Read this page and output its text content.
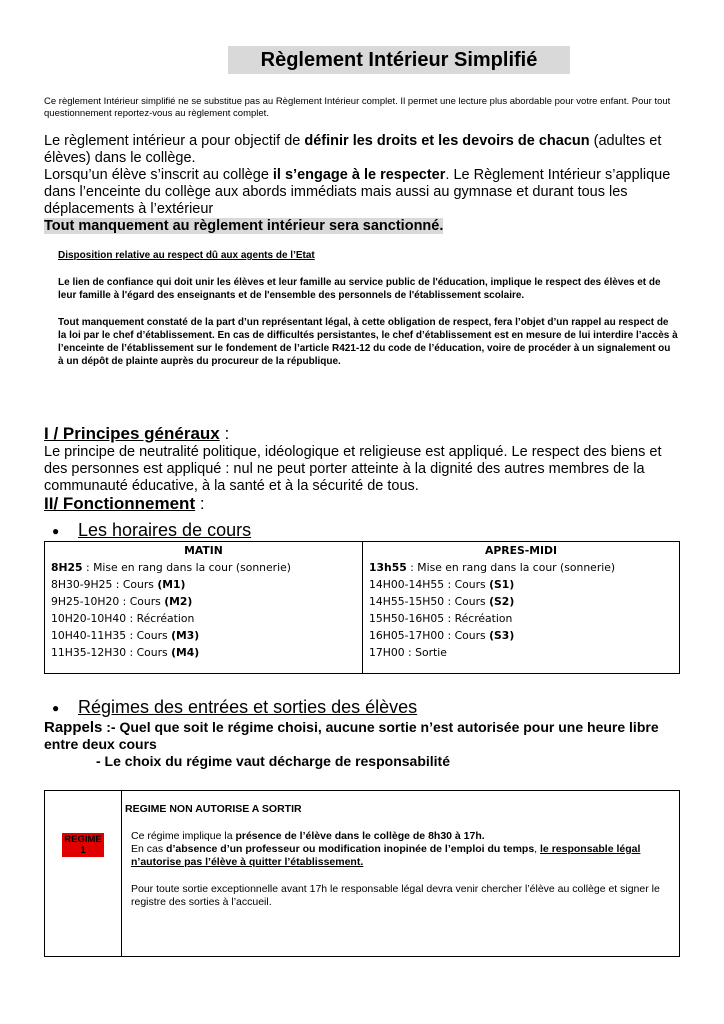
Règlement Intérieur Simplifié
Ce règlement Intérieur simplifié ne se substitue pas au Règlement Intérieur complet. Il permet une lecture plus abordable pour votre enfant. Pour tout questionnement reportez-vous au règlement complet.

Le règlement intérieur a pour objectif de définir les droits et les devoirs de chacun (adultes et élèves) dans le collège.

Lorsqu’un élève s’inscrit au collège il s’engage à le respecter. Le Règlement Intérieur s’applique dans l’enceinte du collège aux abords immédiats mais aussi au gymnase et durant tous les déplacements à l’extérieur

Tout manquement au règlement intérieur sera sanctionné.

Disposition relative au respect dû aux agents de l’Etat

Le lien de confiance qui doit unir les élèves et leur famille au service public de l'éducation, implique le respect des élèves et de leur famille à l'égard des enseignants et de l'ensemble des personnels de l'établissement scolaire.

Tout manquement constaté de la part d’un représentant légal, à cette obligation de respect, fera l’objet d’un rappel au respect de la loi par le chef d’établissement. En cas de difficultés persistantes, le chef d’établissement est en mesure de lui interdire l’accès à l’enceinte de l’établissement sur le fondement de l’article R421-12 du code de l’éducation, voire de procéder à un signalement ou à un dépôt de plainte auprès du procureur de la république.

I / Principes généraux :
Le principe de neutralité politique, idéologique et religieuse est appliqué. Le respect des biens et des personnes est appliqué : nul ne peut porter atteinte à la dignité des autres membres de la communauté éducative, à la santé et à la sécurité de tous.
II/ Fonctionnement :
● Les horaires de cours
MATIN
8H25 : Mise en rang dans la cour (sonnerie)
8H30-9H25 : Cours (M1)
9H25-10H20 : Cours (M2)
10H20-10H40 : Récréation
10H40-11H35 : Cours (M3)
11H35-12H30 : Cours (M4)
APRES-MIDI
13h55 : Mise en rang dans la cour (sonnerie)
14H00-14H55 : Cours (S1)
14H55-15H50 : Cours (S2)
15H50-16H05 : Récréation
16H05-17H00 : Cours (S3)
17H00 : Sortie
● Régimes des entrées et sorties des élèves
Rappels :- Quel que soit le régime choisi, aucune sortie n’est autorisée pour une heure libre entre deux cours
- Le choix du régime vaut décharge de responsabilité
REGIME
1
REGIME NON AUTORISE A SORTIR

Ce régime implique la présence de l’élève dans le collège de 8h30 à 17h.
En cas d’absence d’un professeur ou modification inopinée de l’emploi du temps, le responsable légal n’autorise pas l’élève à quitter l’établissement.

Pour toute sortie exceptionnelle avant 17h le responsable légal devra venir chercher l’élève au collège et signer le registre des sorties à l’accueil.
